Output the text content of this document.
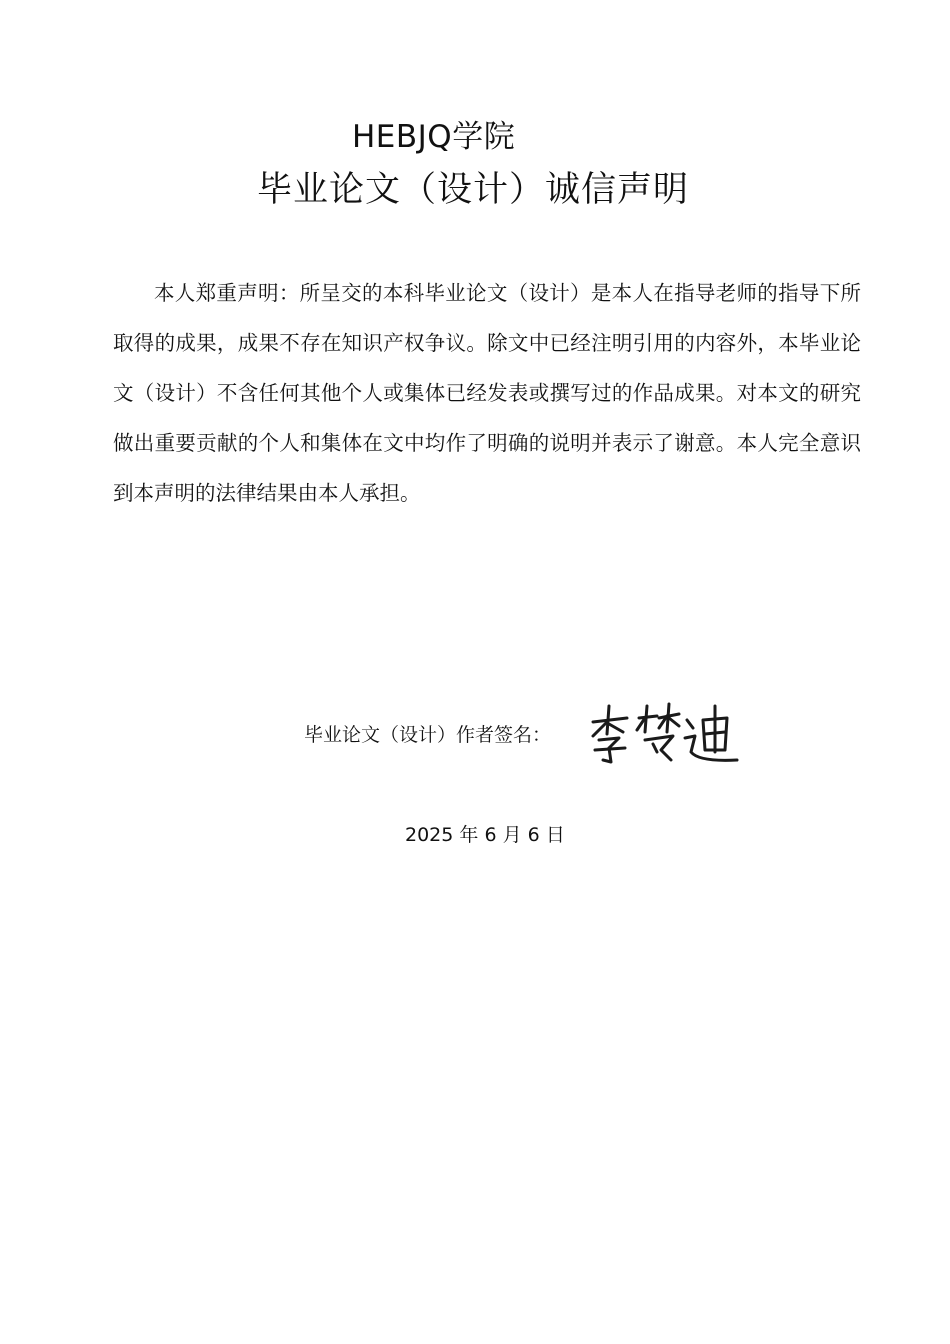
HEBJQ学院
毕业论文（设计）诚信声明
本人郑重声明：所呈交的本科毕业论文（设计）是本人在指导老师的指导下所取得的成果，成果不存在知识产权争议。除文中已经注明引用的内容外，本毕业论文（设计）不含任何其他个人或集体已经发表或撰写过的作品成果。对本文的研究做出重要贡献的个人和集体在文中均作了明确的说明并表示了谢意。本人完全意识到本声明的法律结果由本人承担。
毕业论文（设计）作者签名：
2025 年 6 月 6 日
